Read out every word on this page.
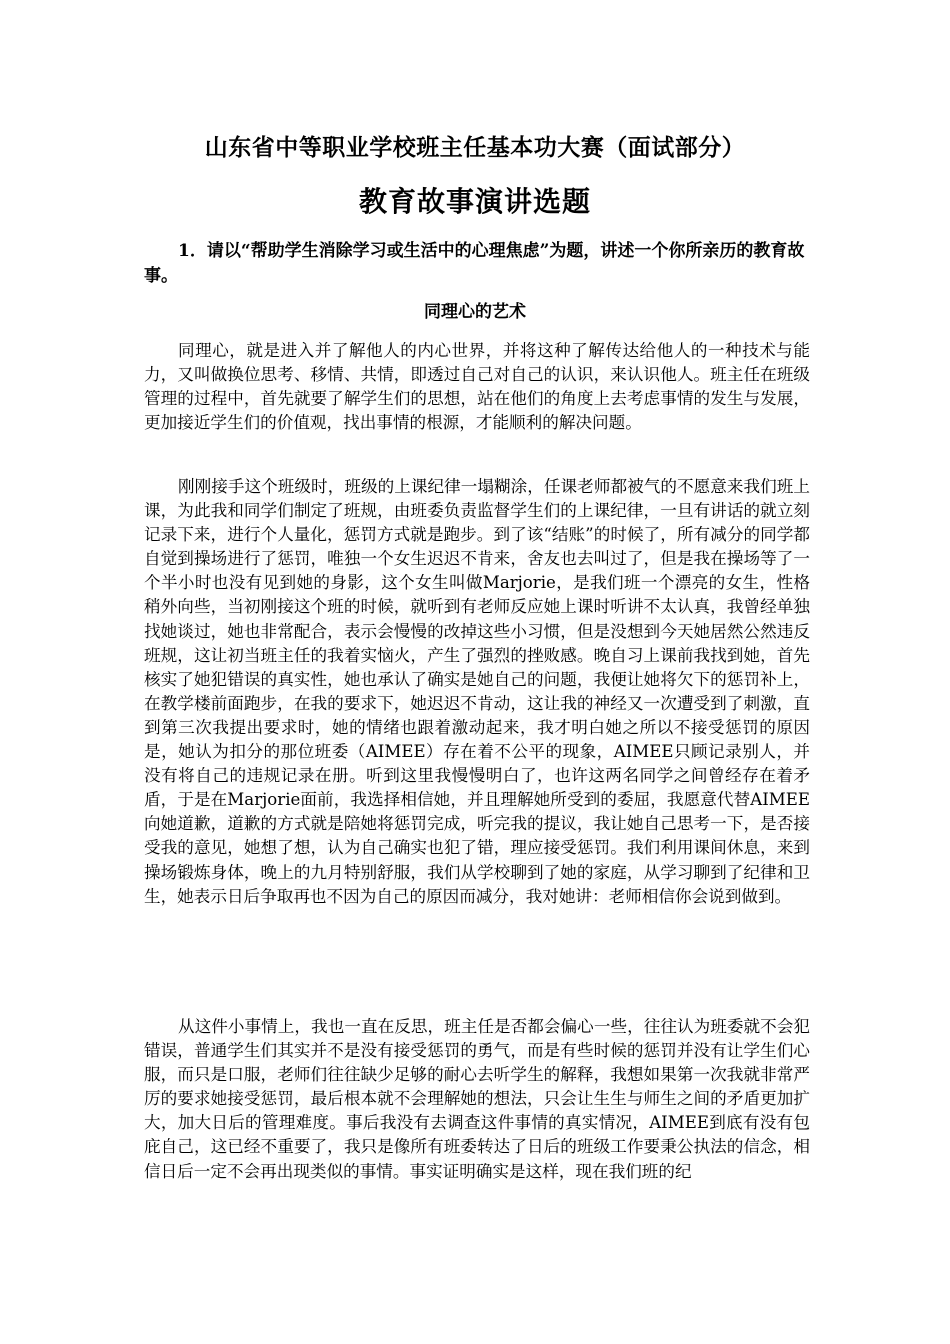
山东省中等职业学校班主任基本功大赛（面试部分）
教育故事演讲选题

1．请以“帮助学生消除学习或生活中的心理焦虑”为题，讲述一个你所亲历的教育故事。

同理心的艺术

同理心，就是进入并了解他人的内心世界，并将这种了解传达给他人的一种技术与能力，又叫做换位思考、移情、共情，即透过自己对自己的认识，来认识他人。班主任在班级管理的过程中，首先就要了解学生们的思想，站在他们的角度上去考虑事情的发生与发展，更加接近学生们的价值观，找出事情的根源，才能顺利的解决问题。

刚刚接手这个班级时，班级的上课纪律一塌糊涂，任课老师都被气的不愿意来我们班上课，为此我和同学们制定了班规，由班委负责监督学生们的上课纪律，一旦有讲话的就立刻记录下来，进行个人量化，惩罚方式就是跑步。到了该“结账”的时候了，所有减分的同学都自觉到操场进行了惩罚，唯独一个女生迟迟不肯来，舍友也去叫过了，但是我在操场等了一个半小时也没有见到她的身影，这个女生叫做Marjorie，是我们班一个漂亮的女生，性格稍外向些，当初刚接这个班的时候，就听到有老师反应她上课时听讲不太认真，我曾经单独找她谈过，她也非常配合，表示会慢慢的改掉这些小习惯，但是没想到今天她居然公然违反班规，这让初当班主任的我着实恼火，产生了强烈的挫败感。晚自习上课前我找到她，首先核实了她犯错误的真实性，她也承认了确实是她自己的问题，我便让她将欠下的惩罚补上，在教学楼前面跑步，在我的要求下，她迟迟不肯动，这让我的神经又一次遭受到了刺激，直到第三次我提出要求时，她的情绪也跟着激动起来，我才明白她之所以不接受惩罚的原因是，她认为扣分的那位班委（AIMEE）存在着不公平的现象，AIMEE只顾记录别人，并没有将自己的违规记录在册。听到这里我慢慢明白了，也许这两名同学之间曾经存在着矛盾，于是在Marjorie面前，我选择相信她，并且理解她所受到的委屈，我愿意代替AIMEE向她道歉，道歉的方式就是陪她将惩罚完成，听完我的提议，我让她自己思考一下，是否接受我的意见，她想了想，认为自己确实也犯了错，理应接受惩罚。我们利用课间休息，来到操场锻炼身体，晚上的九月特别舒服，我们从学校聊到了她的家庭，从学习聊到了纪律和卫生，她表示日后争取再也不因为自己的原因而减分，我对她讲：老师相信你会说到做到。

从这件小事情上，我也一直在反思，班主任是否都会偏心一些，往往认为班委就不会犯错误，普通学生们其实并不是没有接受惩罚的勇气，而是有些时候的惩罚并没有让学生们心服，而只是口服，老师们往往缺少足够的耐心去听学生的解释，我想如果第一次我就非常严厉的要求她接受惩罚，最后根本就不会理解她的想法，只会让生生与师生之间的矛盾更加扩大，加大日后的管理难度。事后我没有去调查这件事情的真实情况，AIMEE到底有没有包庇自己，这已经不重要了，我只是像所有班委转达了日后的班级工作要秉公执法的信念，相信日后一定不会再出现类似的事情。事实证明确实是这样，现在我们班的纪
